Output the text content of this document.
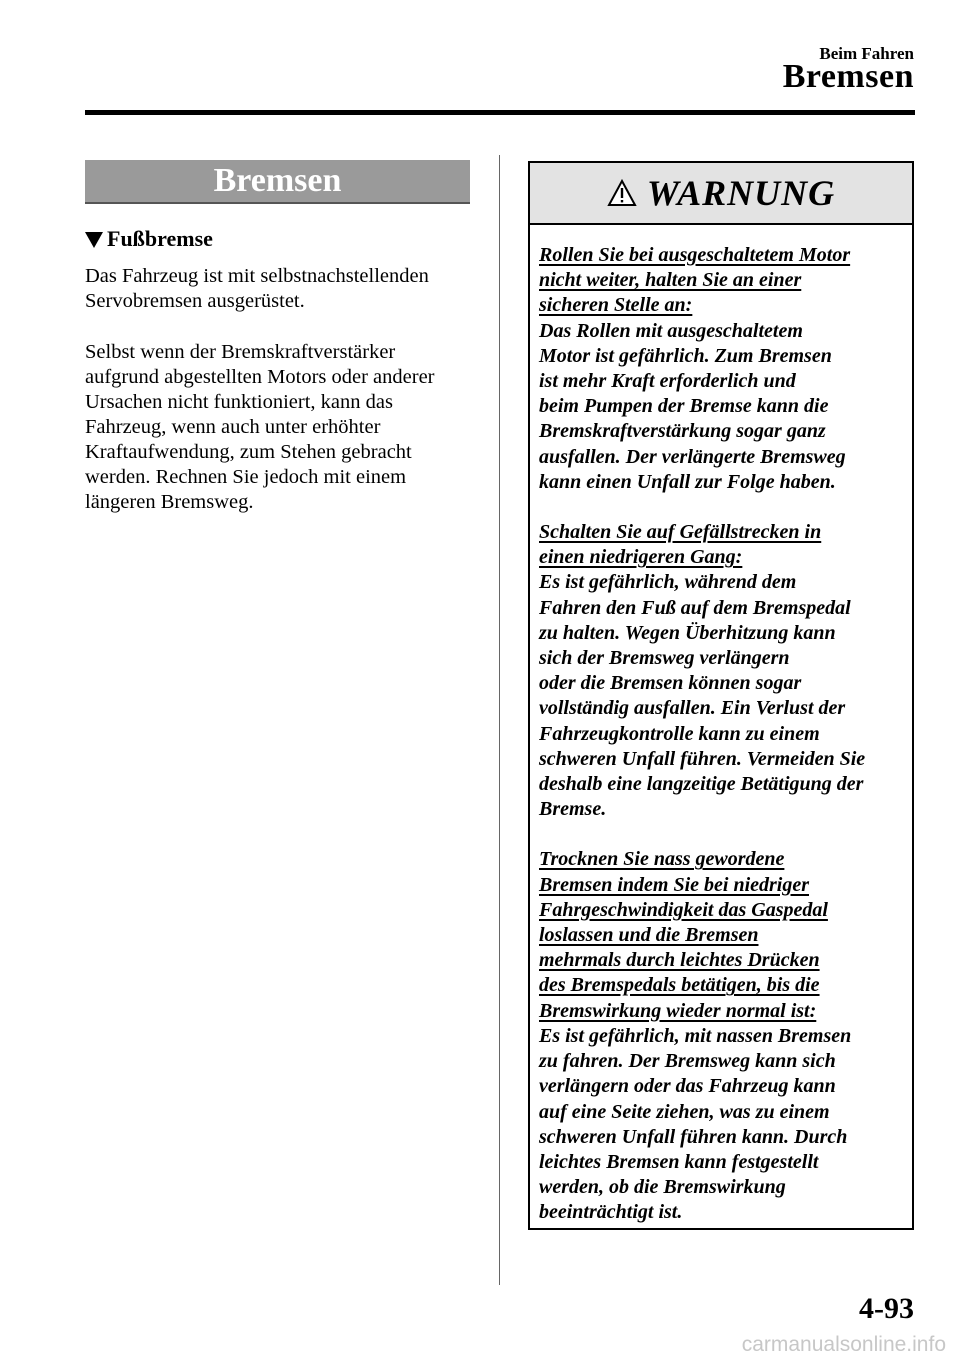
Beim Fahren
Bremsen
Bremsen
Fußbremse
Das Fahrzeug ist mit selbstnachstellenden
Servobremsen ausgerüstet.
Selbst wenn der Bremskraftverstärker
aufgrund abgestellten Motors oder anderer
Ursachen nicht funktioniert, kann das
Fahrzeug, wenn auch unter erhöhter
Kraftaufwendung, zum Stehen gebracht
werden. Rechnen Sie jedoch mit einem
längeren Bremsweg.
WARNUNG
Rollen Sie bei ausgeschaltetem Motor
nicht weiter, halten Sie an einer
sicheren Stelle an:
Das Rollen mit ausgeschaltetem
Motor ist gefährlich. Zum Bremsen
ist mehr Kraft erforderlich und
beim Pumpen der Bremse kann die
Bremskraftverstärkung sogar ganz
ausfallen. Der verlängerte Bremsweg
kann einen Unfall zur Folge haben.
Schalten Sie auf Gefällstrecken in
einen niedrigeren Gang:
Es ist gefährlich, während dem
Fahren den Fuß auf dem Bremspedal
zu halten. Wegen Überhitzung kann
sich der Bremsweg verlängern
oder die Bremsen können sogar
vollständig ausfallen. Ein Verlust der
Fahrzeugkontrolle kann zu einem
schweren Unfall führen. Vermeiden Sie
deshalb eine langzeitige Betätigung der
Bremse.
Trocknen Sie nass gewordene
Bremsen indem Sie bei niedriger
Fahrgeschwindigkeit das Gaspedal
loslassen und die Bremsen
mehrmals durch leichtes Drücken
des Bremspedals betätigen, bis die
Bremswirkung wieder normal ist:
Es ist gefährlich, mit nassen Bremsen
zu fahren. Der Bremsweg kann sich
verlängern oder das Fahrzeug kann
auf eine Seite ziehen, was zu einem
schweren Unfall führen kann. Durch
leichtes Bremsen kann festgestellt
werden, ob die Bremswirkung
beeinträchtigt ist.
4-93
carmanualsonline.info
